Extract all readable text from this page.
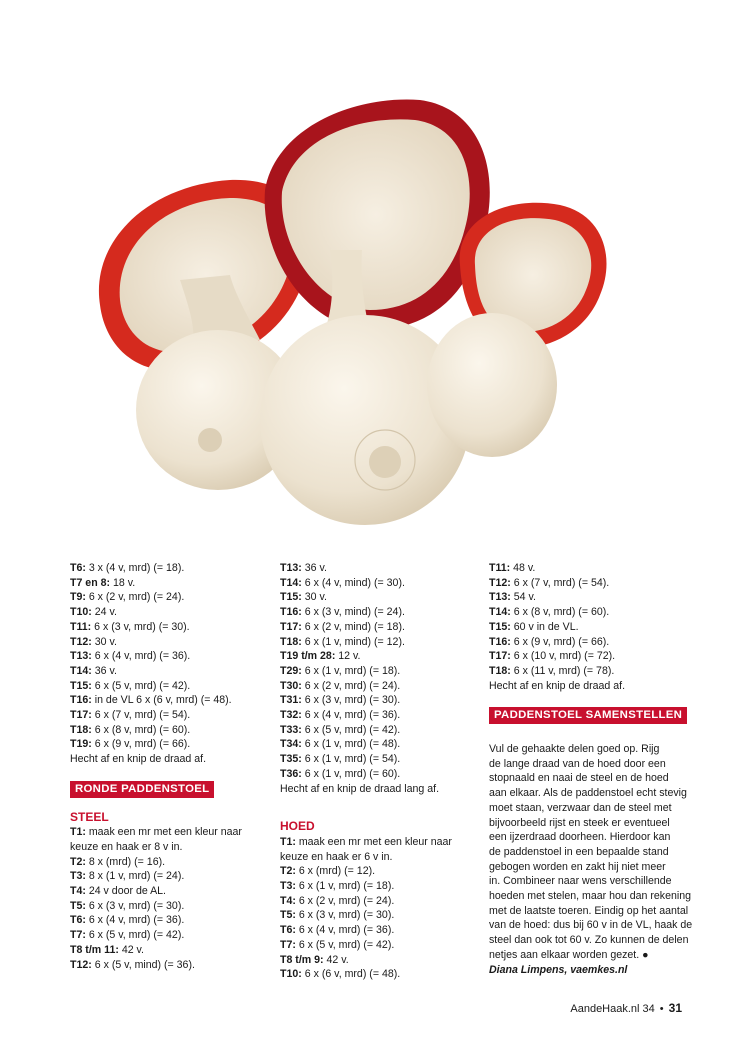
T6: 3 x (4 v, mrd) (= 18).
T7 en 8: 18 v.
T9: 6 x (2 v, mrd) (= 24).
T10: 24 v.
T11: 6 x (3 v, mrd) (= 30).
T12: 30 v.
T13: 6 x (4 v, mrd) (= 36).
T14: 36 v.
T15: 6 x (5 v, mrd) (= 42).
T16: in de VL 6 x (6 v, mrd) (= 48).
T17: 6 x (7 v, mrd) (= 54).
T18: 6 x (8 v, mrd) (= 60).
T19: 6 x (9 v, mrd) (= 66).
Hecht af en knip de draad af.
RONDE PADDENSTOEL
STEEL
T1: maak een mr met een kleur naar
keuze en haak er 8 v in.
T2: 8 x (mrd) (= 16).
T3: 8 x (1 v, mrd) (= 24).
T4: 24 v door de AL.
T5: 6 x (3 v, mrd) (= 30).
T6: 6 x (4 v, mrd) (= 36).
T7: 6 x (5 v, mrd) (= 42).
T8 t/m 11: 42 v.
T12: 6 x (5 v, mind) (= 36).
T13: 36 v.
T14: 6 x (4 v, mind) (= 30).
T15: 30 v.
T16: 6 x (3 v, mind) (= 24).
T17: 6 x (2 v, mind) (= 18).
T18: 6 x (1 v, mind) (= 12).
T19 t/m 28: 12 v.
T29: 6 x (1 v, mrd) (= 18).
T30: 6 x (2 v, mrd) (= 24).
T31: 6 x (3 v, mrd) (= 30).
T32: 6 x (4 v, mrd) (= 36).
T33: 6 x (5 v, mrd) (= 42).
T34: 6 x (1 v, mrd) (= 48).
T35: 6 x (1 v, mrd) (= 54).
T36: 6 x (1 v, mrd) (= 60).
Hecht af en knip de draad lang af.
HOED
T1: maak een mr met een kleur naar
keuze en haak er 6 v in.
T2: 6 x (mrd) (= 12).
T3: 6 x (1 v, mrd) (= 18).
T4: 6 x (2 v, mrd) (= 24).
T5: 6 x (3 v, mrd) (= 30).
T6: 6 x (4 v, mrd) (= 36).
T7: 6 x (5 v, mrd) (= 42).
T8 t/m 9: 42 v.
T10: 6 x (6 v, mrd) (= 48).
T11: 48 v.
T12: 6 x (7 v, mrd) (= 54).
T13: 54 v.
T14: 6 x (8 v, mrd) (= 60).
T15: 60 v in de VL.
T16: 6 x (9 v, mrd) (= 66).
T17: 6 x (10 v, mrd) (= 72).
T18: 6 x (11 v, mrd) (= 78).
Hecht af en knip de draad af.
PADDENSTOEL SAMENSTELLEN
Vul de gehaakte delen goed op. Rijg
de lange draad van de hoed door een
stopnaald en naai de steel en de hoed
aan elkaar. Als de paddenstoel echt stevig
moet staan, verzwaar dan de steel met
bijvoorbeeld rijst en steek er eventueel
een ijzerdraad doorheen. Hierdoor kan
de paddenstoel in een bepaalde stand
gebogen worden en zakt hij niet meer
in. Combineer naar wens verschillende
hoeden met stelen, maar hou dan rekening
met de laatste toeren. Eindig op het aantal
van de hoed: dus bij 60 v in de VL, haak de
steel dan ook tot 60 v. Zo kunnen de delen
netjes aan elkaar worden gezet. ●
Diana Limpens, vaemkes.nl
AandeHaak.nl 34 • 31
